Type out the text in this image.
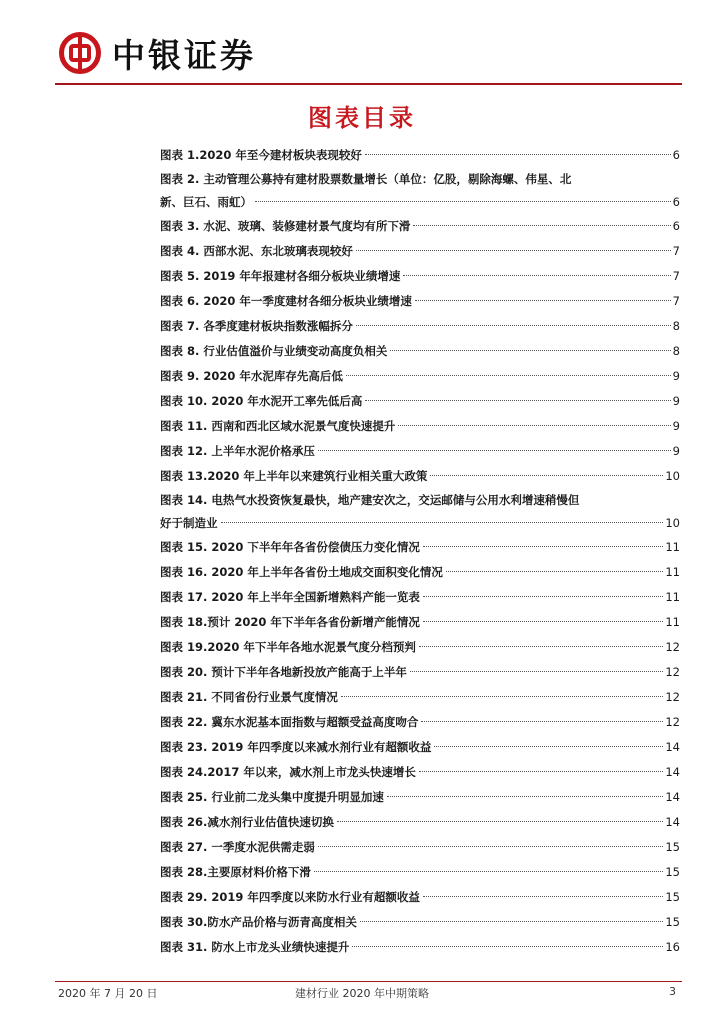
中银证券
图表目录
图表 1.2020 年至今建材板块表现较好	6
图表 2. 主动管理公募持有建材股票数量增长（单位：亿股，剔除海螺、伟星、北
新、巨石、雨虹）	6
图表 3. 水泥、玻璃、装修建材景气度均有所下滑	6
图表 4. 西部水泥、东北玻璃表现较好	7
图表 5. 2019 年年报建材各细分板块业绩增速	7
图表 6. 2020 年一季度建材各细分板块业绩增速	7
图表 7. 各季度建材板块指数涨幅拆分	8
图表 8. 行业估值溢价与业绩变动高度负相关	8
图表 9. 2020 年水泥库存先高后低	9
图表 10. 2020 年水泥开工率先低后高	9
图表 11. 西南和西北区域水泥景气度快速提升	9
图表 12. 上半年水泥价格承压	9
图表 13.2020 年上半年以来建筑行业相关重大政策	10
图表 14. 电热气水投资恢复最快，地产建安次之，交运邮储与公用水利增速稍慢但
好于制造业	10
图表 15. 2020 下半年年各省份偿债压力变化情况	11
图表 16. 2020 年上半年各省份土地成交面积变化情况	11
图表 17. 2020 年上半年全国新增熟料产能一览表	11
图表 18.预计 2020 年下半年各省份新增产能情况	11
图表 19.2020 年下半年各地水泥景气度分档预判	12
图表 20. 预计下半年各地新投放产能高于上半年	12
图表 21. 不同省份行业景气度情况	12
图表 22. 冀东水泥基本面指数与超额受益高度吻合	12
图表 23. 2019 年四季度以来减水剂行业有超额收益	14
图表 24.2017 年以来，减水剂上市龙头快速增长	14
图表 25. 行业前二龙头集中度提升明显加速	14
图表 26.减水剂行业估值快速切换	14
图表 27. 一季度水泥供需走弱	15
图表 28.主要原材料价格下滑	15
图表 29. 2019 年四季度以来防水行业有超额收益	15
图表 30.防水产品价格与沥青高度相关	15
图表 31. 防水上市龙头业绩快速提升	16
2020 年 7 月 20 日	建材行业 2020 年中期策略	3
